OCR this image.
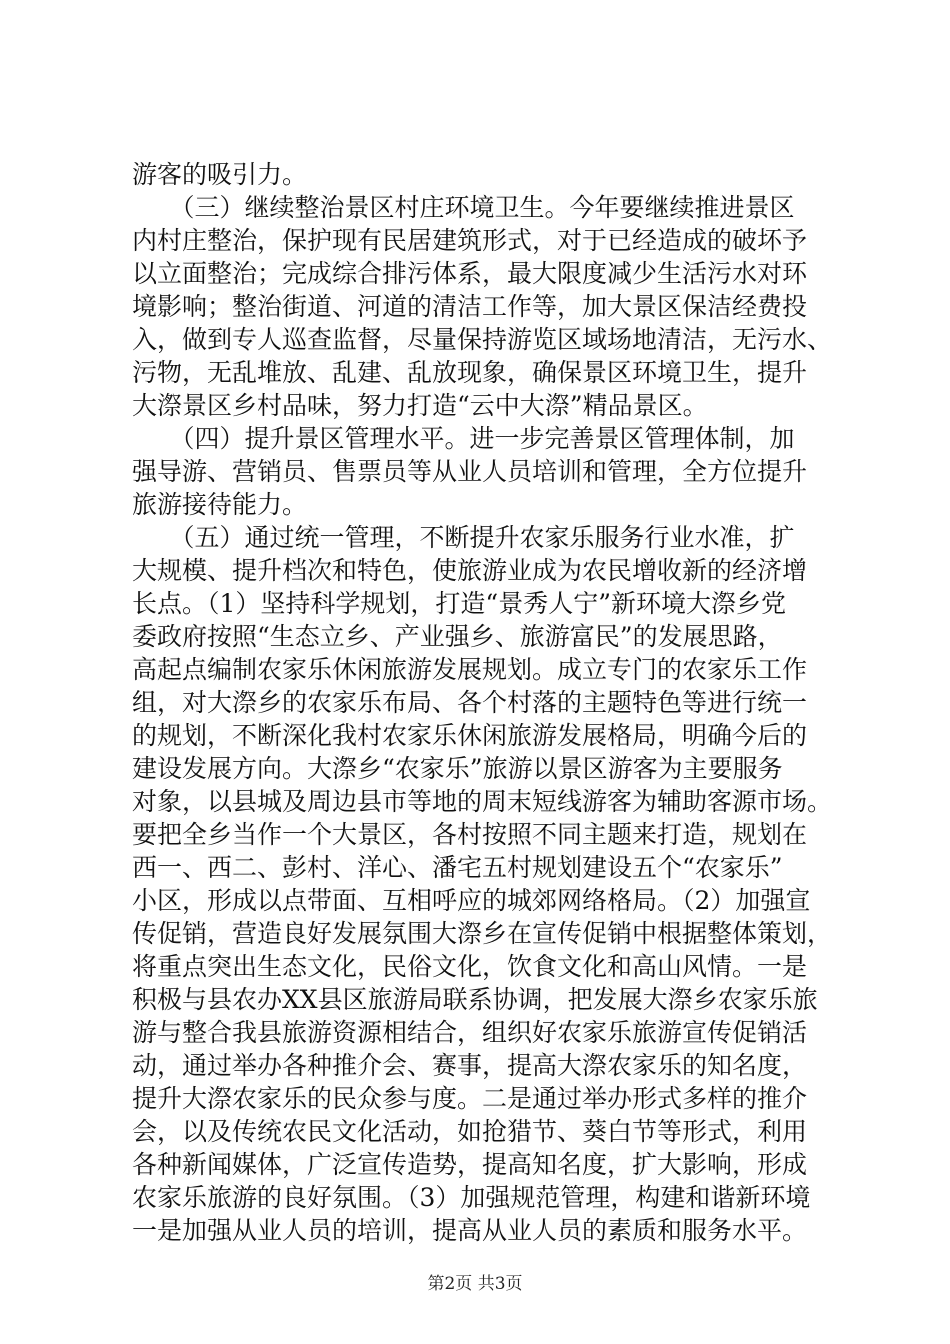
游客的吸引力。
　　（三）继续整治景区村庄环境卫生。今年要继续推进景区
内村庄整治，保护现有民居建筑形式，对于已经造成的破坏予
以立面整治；完成综合排污体系，最大限度减少生活污水对环
境影响；整治街道、河道的清洁工作等，加大景区保洁经费投
入，做到专人巡查监督，尽量保持游览区域场地清洁，无污水、
污物，无乱堆放、乱建、乱放现象，确保景区环境卫生，提升
大漈景区乡村品味，努力打造“云中大漈”精品景区。
　　（四）提升景区管理水平。进一步完善景区管理体制，加
强导游、营销员、售票员等从业人员培训和管理，全方位提升
旅游接待能力。
　　（五）通过统一管理，不断提升农家乐服务行业水准，扩
大规模、提升档次和特色，使旅游业成为农民增收新的经济增
长点。（1）坚持科学规划，打造“景秀人宁”新环境大漈乡党
委政府按照“生态立乡、产业强乡、旅游富民”的发展思路，
高起点编制农家乐休闲旅游发展规划。成立专门的农家乐工作
组，对大漈乡的农家乐布局、各个村落的主题特色等进行统一
的规划，不断深化我村农家乐休闲旅游发展格局，明确今后的
建设发展方向。大漈乡“农家乐”旅游以景区游客为主要服务
对象，以县城及周边县市等地的周末短线游客为辅助客源市场。
要把全乡当作一个大景区，各村按照不同主题来打造，规划在
西一、西二、彭村、洋心、潘宅五村规划建设五个“农家乐”
小区，形成以点带面、互相呼应的城郊网络格局。（2）加强宣
传促销，营造良好发展氛围大漈乡在宣传促销中根据整体策划，
将重点突出生态文化，民俗文化，饮食文化和高山风情。一是
积极与县农办XX县区旅游局联系协调，把发展大漈乡农家乐旅
游与整合我县旅游资源相结合，组织好农家乐旅游宣传促销活
动，通过举办各种推介会、赛事，提高大漈农家乐的知名度，
提升大漈农家乐的民众参与度。二是通过举办形式多样的推介
会，以及传统农民文化活动，如抢猎节、葵白节等形式，利用
各种新闻媒体，广泛宣传造势，提高知名度，扩大影响，形成
农家乐旅游的良好氛围。（3）加强规范管理，构建和谐新环境
一是加强从业人员的培训，提高从业人员的素质和服务水平。
第2页 共3页
